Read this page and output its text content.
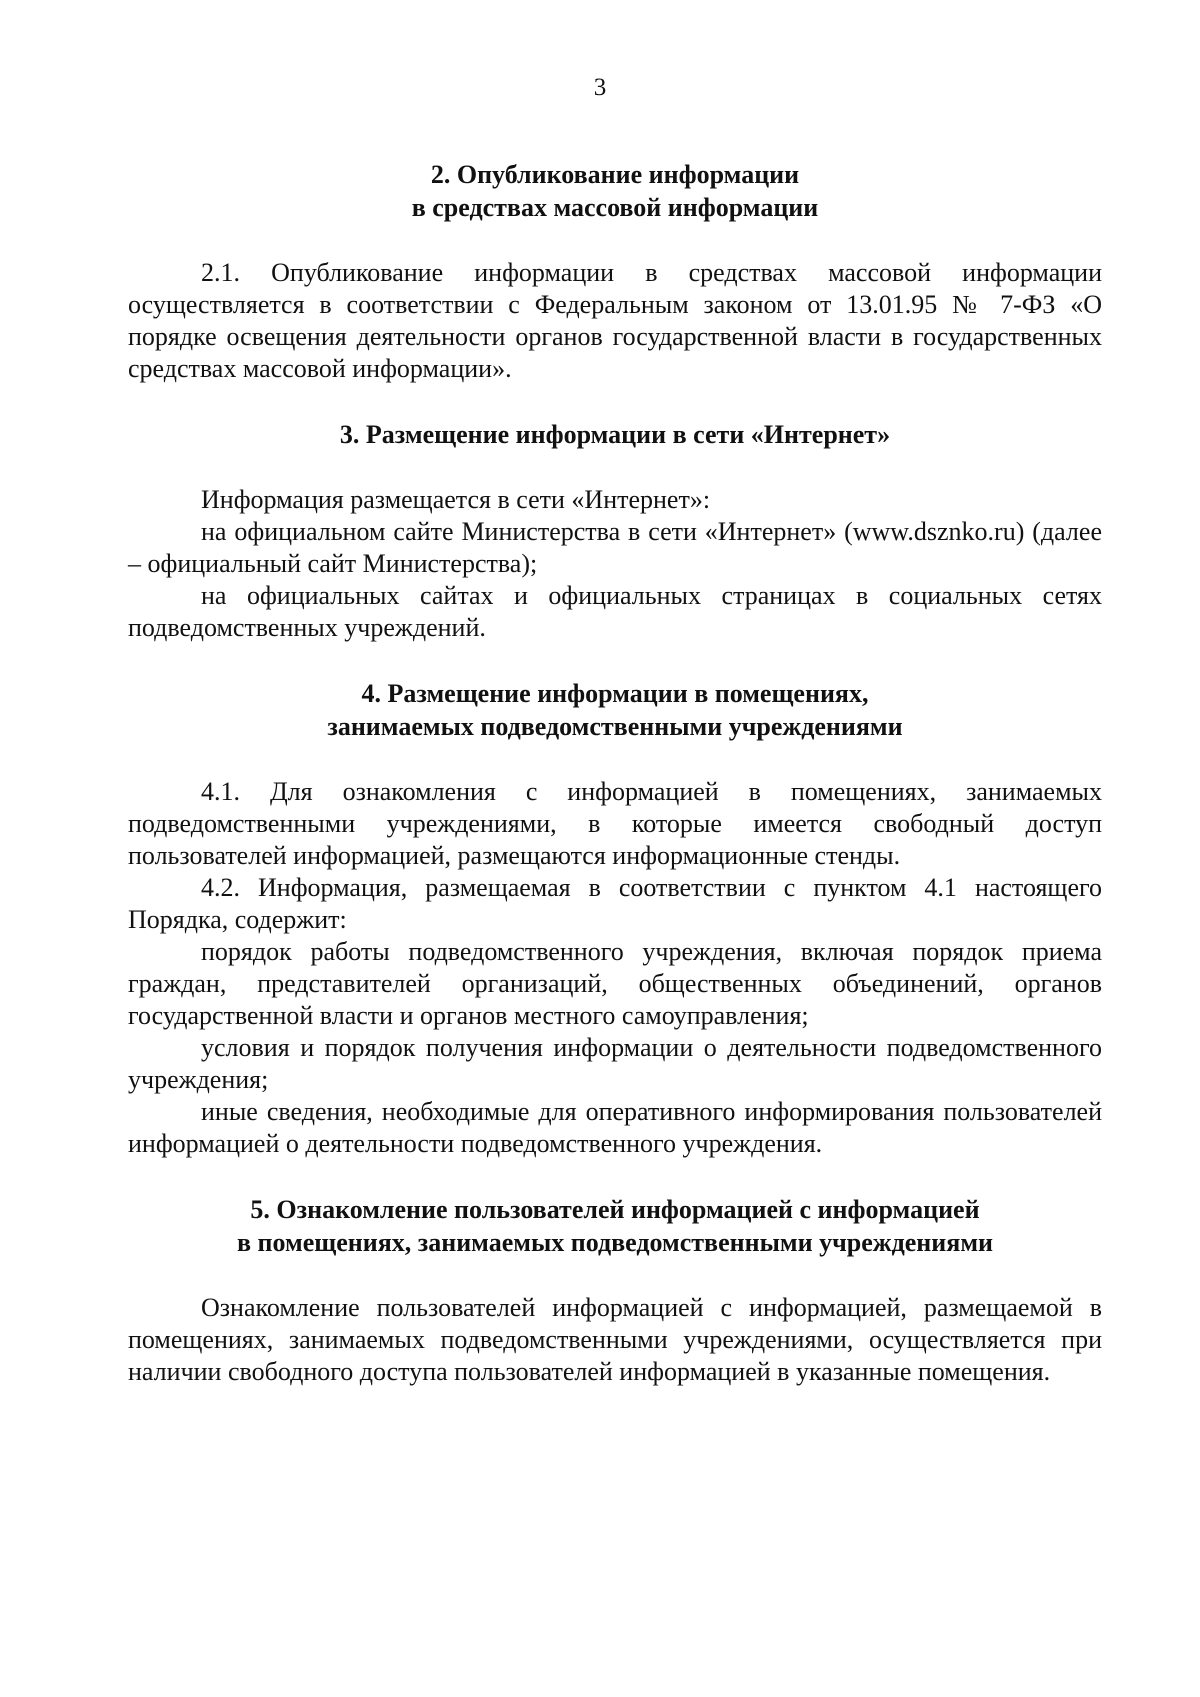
3
2. Опубликование информации
в средствах массовой информации

2.1. Опубликование информации в средствах массовой информации осуществляется в соответствии с Федеральным законом от 13.01.95 № 7-ФЗ «О порядке освещения деятельности органов государственной власти в государственных средствах массовой информации».

3. Размещение информации в сети «Интернет»

Информация размещается в сети «Интернет»:

на официальном сайте Министерства в сети «Интернет» (www.dsznko.ru) (далее – официальный сайт Министерства);

на официальных сайтах и официальных страницах в социальных сетях подведомственных учреждений.

4. Размещение информации в помещениях,
занимаемых подведомственными учреждениями

4.1. Для ознакомления с информацией в помещениях, занимаемых подведомственными учреждениями, в которые имеется свободный доступ пользователей информацией, размещаются информационные стенды.

4.2. Информация, размещаемая в соответствии с пунктом 4.1 настоящего Порядка, содержит:

порядок работы подведомственного учреждения, включая порядок приема граждан, представителей организаций, общественных объединений, органов государственной власти и органов местного самоуправления;

условия и порядок получения информации о деятельности подведомственного учреждения;

иные сведения, необходимые для оперативного информирования пользователей информацией о деятельности подведомственного учреждения.

5. Ознакомление пользователей информацией с информацией
в помещениях, занимаемых подведомственными учреждениями

Ознакомление пользователей информацией с информацией, размещаемой в помещениях, занимаемых подведомственными учреждениями, осуществляется при наличии свободного доступа пользователей информацией в указанные помещения.
